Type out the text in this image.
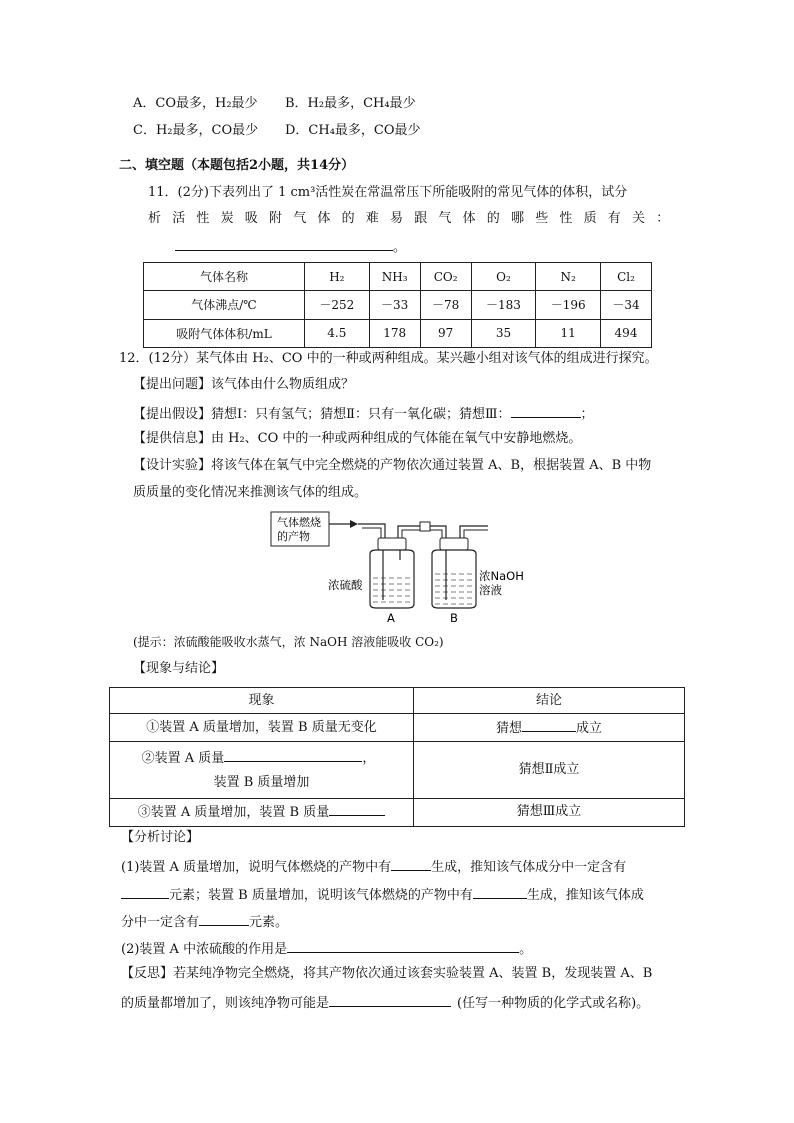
A．CO最多，H₂最少 B．H₂最多，CH₄最少
C．H₂最多，CO最少 D．CH₄最多，CO最少
二、填空题（本题包括2小题，共14分）
11．(2分)下表列出了 1 cm³活性炭在常温常压下所能吸附的常见气体的体积，试分
析活性炭吸附气体的难易跟气体的哪些性质有关：
。
气体名称	H₂	NH₃	CO₂	O₂	N₂	Cl₂
气体沸点/℃	－252	－33	－78	－183	－196	－34
吸附气体体积/mL	4.5	178	97	35	11	494
12．(12分）某气体由 H₂、CO 中的一种或两种组成。某兴趣小组对该气体的组成进行探究。
【提出问题】该气体由什么物质组成？
【提出假设】猜想Ⅰ：只有氢气；猜想Ⅱ：只有一氧化碳；猜想Ⅲ：	；
【提供信息】由 H₂、CO 中的一种或两种组成的气体能在氧气中安静地燃烧。
【设计实验】将该气体在氧气中完全燃烧的产物依次通过装置 A、B，根据装置 A、B 中物
质质量的变化情况来推测该气体的组成。
气体燃烧
的产物
浓硫酸
浓NaOH
溶液
A	B
(提示：浓硫酸能吸收水蒸气，浓 NaOH 溶液能吸收 CO₂)
【现象与结论】
现象	结论
①装置 A 质量增加，装置 B 质量无变化	猜想 成立

②装置 A 质量 ，
装置 B 质量增加	猜想Ⅱ成立
③装置 A 质量增加，装置 B 质量	猜想Ⅲ成立
【分析讨论】
(1)装置 A 质量增加，说明气体燃烧的产物中有	生成，推知该气体成分中一定含有
元素；装置 B 质量增加，说明该气体燃烧的产物中有	生成，推知该气体成
分中一定含有	元素。
(2)装置 A 中浓硫酸的作用是	。
【反思】若某纯净物完全燃烧，将其产物依次通过该套实验装置 A、装置 B，发现装置 A、B
的质量都增加了，则该纯净物可能是	(任写一种物质的化学式或名称)。
